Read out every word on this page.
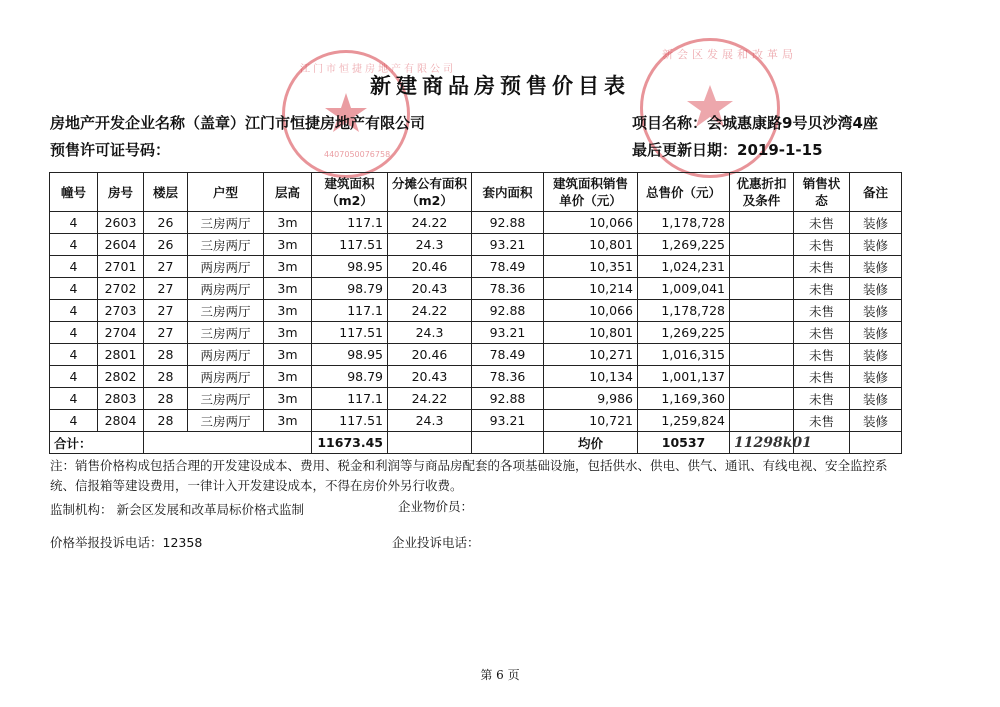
江门市恒捷房地产有限公司
4407050076758
新会区发展和改革局
新建商品房预售价目表
房地产开发企业名称（盖章）江门市恒捷房地产有限公司
预售许可证号码：
项目名称：会城惠康路9号贝沙湾4座
最后更新日期：2019-1-15
幢号	房号	楼层	户型	层高	建筑面积（m2）	分摊公有面积（m2）	套内面积	建筑面积销售单价（元）	总售价（元）	优惠折扣及条件	销售状态	备注
4	2603	26	三房两厅	3m	117.1	24.22	92.88	10,066	1,178,728		未售	装修
4	2604	26	三房两厅	3m	117.51	24.3	93.21	10,801	1,269,225		未售	装修
4	2701	27	两房两厅	3m	98.95	20.46	78.49	10,351	1,024,231		未售	装修
4	2702	27	两房两厅	3m	98.79	20.43	78.36	10,214	1,009,041		未售	装修
4	2703	27	三房两厅	3m	117.1	24.22	92.88	10,066	1,178,728		未售	装修
4	2704	27	三房两厅	3m	117.51	24.3	93.21	10,801	1,269,225		未售	装修
4	2801	28	两房两厅	3m	98.95	20.46	78.49	10,271	1,016,315		未售	装修
4	2802	28	两房两厅	3m	98.79	20.43	78.36	10,134	1,001,137		未售	装修
4	2803	28	三房两厅	3m	117.1	24.22	92.88	9,986	1,169,360		未售	装修
4	2804	28	三房两厅	3m	117.51	24.3	93.21	10,721	1,259,824		未售	装修
合计：					11673.45			均价	10537	11298k01		
注：销售价格构成包括合理的开发建设成本、费用、税金和利润等与商品房配套的各项基础设施，包括供水、供电、供气、通讯、有线电视、安全监控系统、信报箱等建设费用，一律计入开发建设成本，不得在房价外另行收费。
监制机构： 新会区发展和改革局标价格式监制	企业物价员：
价格举报投诉电话：12358	企业投诉电话：
第 6 页
